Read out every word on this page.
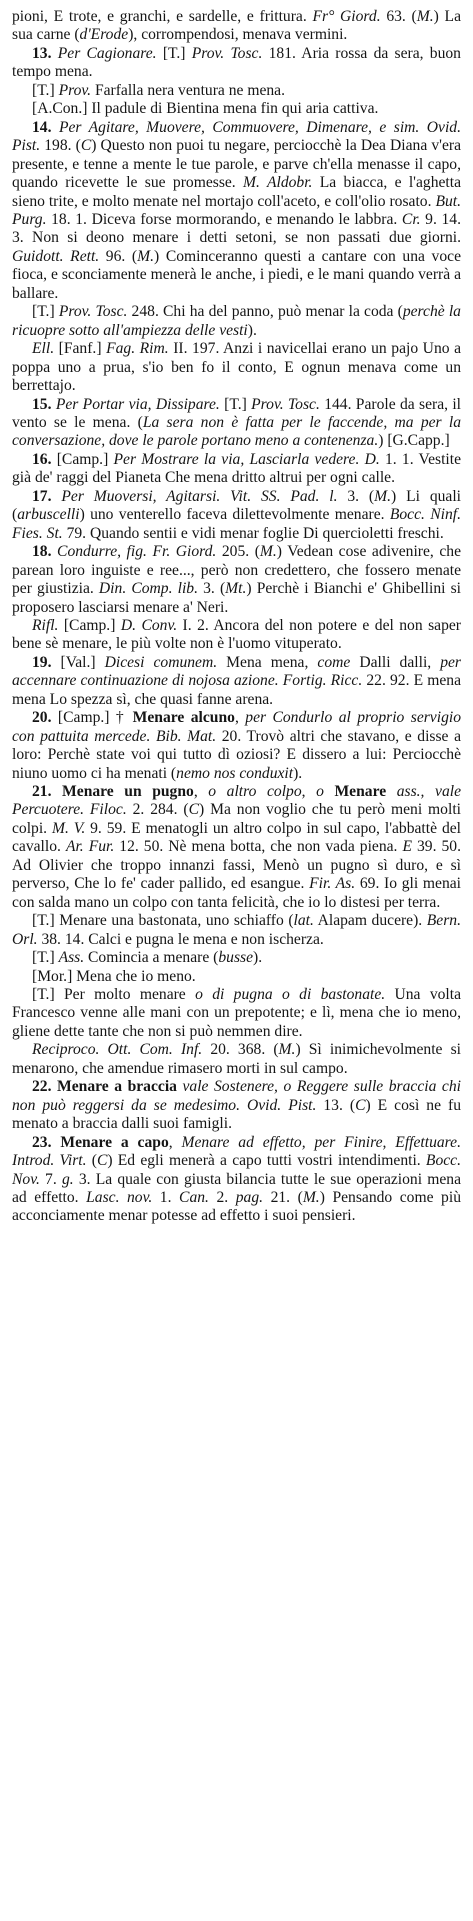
pioni, E trote, e granchi, e sardelle, e frittura. Fr° Giord. 63. (M.) La sua carne (d'Erode), corrompendosi, menava vermini.

13. Per Cagionare. [T.] Prov. Tosc. 181. Aria rossa da sera, buon tempo mena.

[T.] Prov. Farfalla nera ventura ne mena.

[A.Con.] Il padule di Bientina mena fin qui aria cattiva.

14. Per Agitare, Muovere, Commuovere, Dimenare, e sim. Ovid. Pist. 198. (C) Questo non puoi tu negare, perciocchè la Dea Diana v'era presente, e tenne a mente le tue parole, e parve ch'ella menasse il capo, quando ricevette le sue promesse. M. Aldobr. La biacca, e l'aghetta sieno trite, e molto menate nel mortajo coll'aceto, e coll'olio rosato. But. Purg. 18. 1. Diceva forse mormorando, e menando le labbra. Cr. 9. 14. 3. Non si deono menare i detti setoni, se non passati due giorni. Guidott. Rett. 96. (M.) Cominceranno questi a cantare con una voce fioca, e sconciamente menerà le anche, i piedi, e le mani quando verrà a ballare.

[T.] Prov. Tosc. 248. Chi ha del panno, può menar la coda (perchè la ricuopre sotto all'ampiezza delle vesti).

Ell. [Fanf.] Fag. Rim. II. 197. Anzi i navicellai erano un pajo Uno a poppa uno a prua, s'io ben fo il conto, E ognun menava come un berrettajo.

15. Per Portar via, Dissipare. [T.] Prov. Tosc. 144. Parole da sera, il vento se le mena. (La sera non è fatta per le faccende, ma per la conversazione, dove le parole portano meno a contenenza.) [G.Capp.]

16. [Camp.] Per Mostrare la via, Lasciarla vedere. D. 1. 1. Vestite già de' raggi del Pianeta Che mena dritto altrui per ogni calle.

17. Per Muoversi, Agitarsi. Vit. SS. Pad. l. 3. (M.) Li quali (arbuscelli) uno venterello faceva dilettevolmente menare. Bocc. Ninf. Fies. St. 79. Quando sentii e vidi menar foglie Di quercioletti freschi.

18. Condurre, fig. Fr. Giord. 205. (M.) Vedean cose adivenire, che parean loro inguiste e ree..., però non credettero, che fossero menate per giustizia. Din. Comp. lib. 3. (Mt.) Perchè i Bianchi e' Ghibellini si proposero lasciarsi menare a' Neri.

Rifl. [Camp.] D. Conv. I. 2. Ancora del non potere e del non saper bene sè menare, le più volte non è l'uomo vituperato.

19. [Val.] Dicesi comunem. Mena mena, come Dalli dalli, per accennare continuazione di nojosa azione. Fortig. Ricc. 22. 92. E mena mena Lo spezza sì, che quasi fanne arena.

20. [Camp.] † Menare alcuno, per Condurlo al proprio servigio con pattuita mercede. Bib. Mat. 20. Trovò altri che stavano, e disse a loro: Perchè state voi qui tutto dì oziosi? E dissero a lui: Perciocchè niuno uomo ci ha menati (nemo nos conduxit).

21. Menare un pugno, o altro colpo, o Menare ass., vale Percuotere. Filoc. 2. 284. (C) Ma non voglio che tu però meni molti colpi. M. V. 9. 59. E menatogli un altro colpo in sul capo, l'abbattè del cavallo. Ar. Fur. 12. 50. Nè mena botta, che non vada piena. E 39. 50. Ad Olivier che troppo innanzi fassi, Menò un pugno sì duro, e sì perverso, Che lo fe' cader pallido, ed esangue. Fir. As. 69. Io gli menai con salda mano un colpo con tanta felicità, che io lo distesi per terra.

[T.] Menare una bastonata, uno schiaffo (lat. Alapam ducere). Bern. Orl. 38. 14. Calci e pugna le mena e non ischerza.

[T.] Ass. Comincia a menare (busse).

[Mor.] Mena che io meno.

[T.] Per molto menare o di pugna o di bastonate. Una volta Francesco venne alle mani con un prepotente; e lì, mena che io meno, gliene dette tante che non si può nemmen dire.

Reciproco. Ott. Com. Inf. 20. 368. (M.) Sì inimichevolmente si menarono, che amendue rimasero morti in sul campo.

22. Menare a braccia vale Sostenere, o Reggere sulle braccia chi non può reggersi da se medesimo. Ovid. Pist. 13. (C) E così ne fu menato a braccia dalli suoi famigli.

23. Menare a capo, Menare ad effetto, per Finire, Effettuare. Introd. Virt. (C) Ed egli menerà a capo tutti vostri intendimenti. Bocc. Nov. 7. g. 3. La quale con giusta bilancia tutte le sue operazioni mena ad effetto. Lasc. nov. 1. Can. 2. pag. 21. (M.) Pensando come più acconciamente menar potesse ad effetto i suoi pensieri.
